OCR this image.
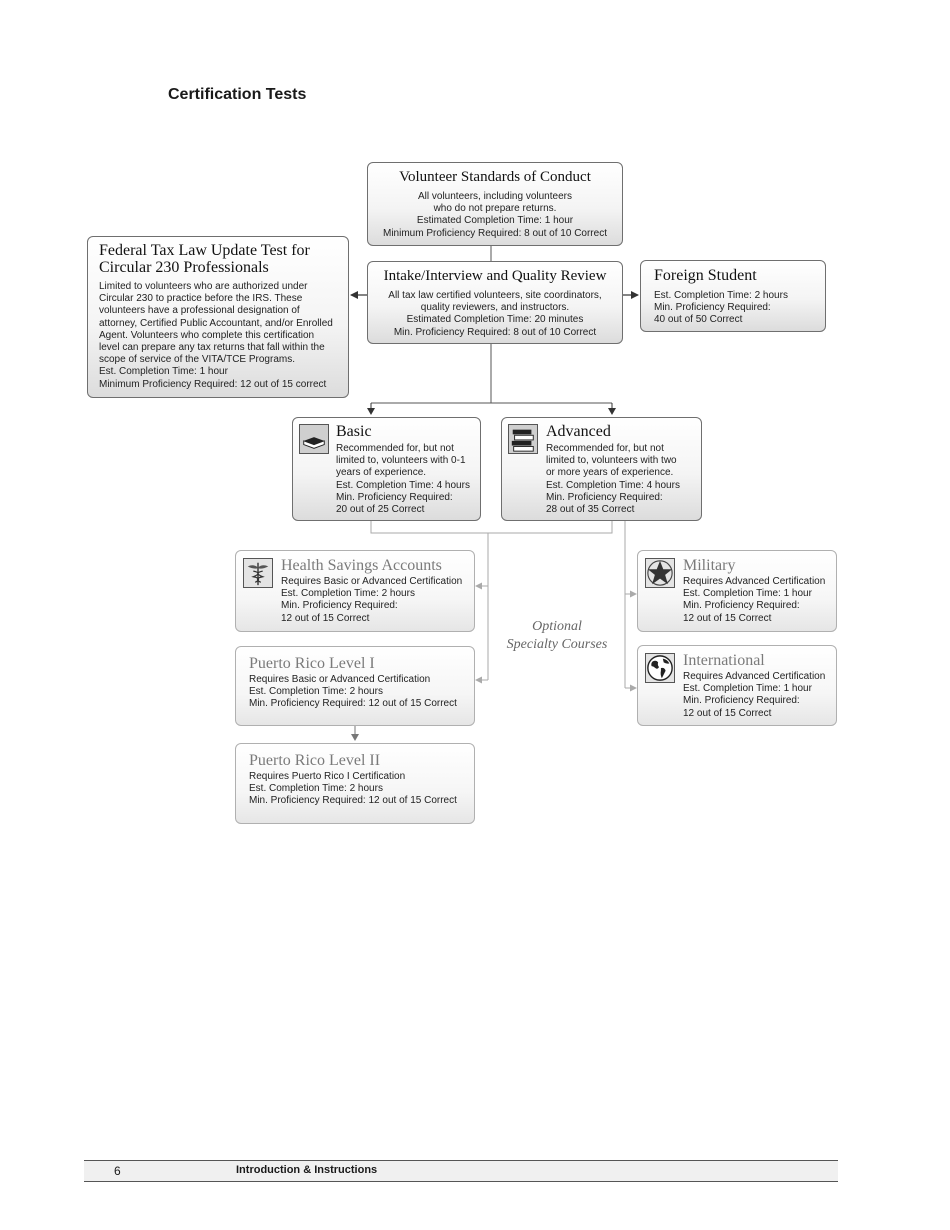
Certification Tests
Volunteer Standards of Conduct
All volunteers, including volunteers
who do not prepare returns.
Estimated Completion Time: 1 hour
Minimum Proficiency Required: 8 out of 10 Correct
Federal Tax Law Update Test for
Circular 230 Professionals
Limited to volunteers who are authorized under
Circular 230 to practice before the IRS. These
volunteers have a professional designation of
attorney, Certified Public Accountant, and/or Enrolled
Agent. Volunteers who complete this certification
level can prepare any tax returns that fall within the
scope of service of the VITA/TCE Programs.
Est. Completion Time: 1 hour
Minimum Proficiency Required: 12 out of 15 correct
Intake/Interview and Quality Review
All tax law certified volunteers, site coordinators,
quality reviewers, and instructors.
Estimated Completion Time: 20 minutes
Min. Proficiency Required: 8 out of 10 Correct
Foreign Student
Est. Completion Time: 2 hours
Min. Proficiency Required:
40 out of 50 Correct
Basic
Recommended for, but not
limited to, volunteers with 0-1
years of experience.
Est. Completion Time: 4 hours
Min. Proficiency Required:
20 out of 25 Correct
Advanced
Recommended for, but not
limited to, volunteers with two
or more years of experience.
Est. Completion Time: 4 hours
Min. Proficiency Required:
28 out of 35 Correct
Health Savings Accounts
Requires Basic or Advanced Certification
Est. Completion Time: 2 hours
Min. Proficiency Required:
12 out of 15 Correct
Military
Requires Advanced Certification
Est. Completion Time: 1 hour
Min. Proficiency Required:
12 out of 15 Correct
Optional
Specialty Courses
Puerto Rico Level I
Requires Basic or Advanced Certification
Est. Completion Time: 2 hours
Min. Proficiency Required: 12 out of 15 Correct
International
Requires Advanced Certification
Est. Completion Time: 1 hour
Min. Proficiency Required:
12 out of 15 Correct
Puerto Rico Level II
Requires Puerto Rico I Certification
Est. Completion Time: 2 hours
Min. Proficiency Required: 12 out of 15 Correct
6	Introduction & Instructions
